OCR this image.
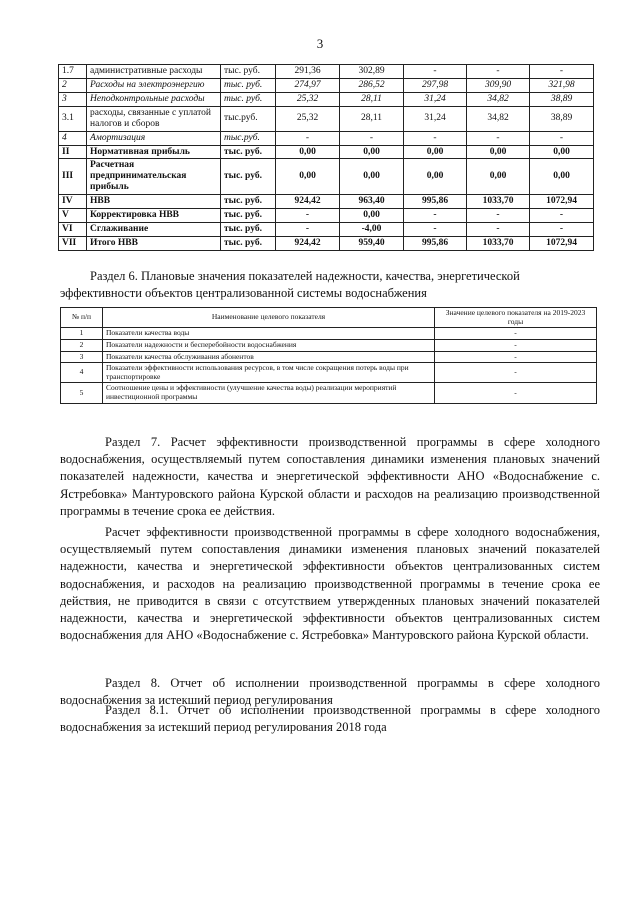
3
1.7	административные расходы	тыс. руб.	291,36	302,89	-	-	-
2	Расходы на электроэнергию	тыс. руб.	274,97	286,52	297,98	309,90	321,98
3	Неподконтрольные расходы	тыс. руб.	25,32	28,11	31,24	34,82	38,89
3.1	расходы, связанные с уплатой налогов и сборов	тыс.руб.	25,32	28,11	31,24	34,82	38,89
4	Амортизация	тыс.руб.	-	-	-	-	-
II	Нормативная прибыль	тыс. руб.	0,00	0,00	0,00	0,00	0,00
III	Расчетная предпринимательская прибыль	тыс. руб.	0,00	0,00	0,00	0,00	0,00
IV	НВВ	тыс. руб.	924,42	963,40	995,86	1033,70	1072,94
V	Корректировка НВВ	тыс. руб.	-	0,00	-	-	-
VI	Сглаживание	тыс. руб.	-	-4,00	-	-	-
VII	Итого НВВ	тыс. руб.	924,42	959,40	995,86	1033,70	1072,94
Раздел 6. Плановые значения показателей надежности, качества, энергетической эффективности объектов централизованной системы водоснабжения
№ п/п	Наименование целевого показателя	Значение целевого показателя на 2019-2023 годы
1	Показатели качества воды	-
2	Показатели надежности и бесперебойности водоснабжения	-
3	Показатели качества обслуживания абонентов	-
4	Показатели эффективности использования ресурсов, в том числе сокращения потерь воды при транспортировке	-
5	Соотношение цены и эффективности (улучшение качества воды) реализации мероприятий инвестиционной программы	-
Раздел 7. Расчет эффективности производственной программы в сфере холодного водоснабжения, осуществляемый путем сопоставления динамики изменения плановых значений показателей надежности, качества и энергетической эффективности АНО «Водоснабжение с. Ястребовка» Мантуровского района Курской области и расходов на реализацию производственной программы в течение срока ее действия.
Расчет эффективности производственной программы в сфере холодного водоснабжения, осуществляемый путем сопоставления динамики изменения плановых значений показателей надежности, качества и энергетической эффективности объектов централизованных систем водоснабжения, и расходов на реализацию производственной программы в течение срока ее действия, не приводится в связи с отсутствием утвержденных плановых значений показателей надежности, качества и энергетической эффективности объектов централизованных систем водоснабжения для АНО «Водоснабжение с. Ястребовка» Мантуровского района Курской области.
Раздел 8. Отчет об исполнении производственной программы в сфере холодного водоснабжения за истекший период регулирования
Раздел 8.1. Отчет об исполнении производственной программы в сфере холодного водоснабжения за истекший период регулирования 2018 года
